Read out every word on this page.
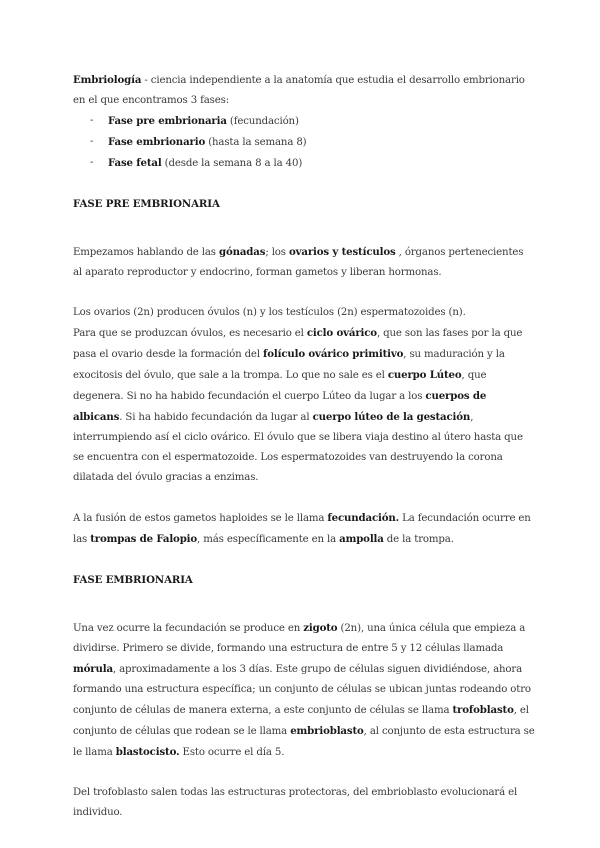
Embriología - ciencia independiente a la anatomía que estudia el desarrollo embrionario en el que encontramos 3 fases:

- Fase pre embrionaria (fecundación)
- Fase embrionario (hasta la semana 8)
- Fase fetal (desde la semana 8 a la 40)

FASE PRE EMBRIONARIA

Empezamos hablando de las gónadas; los ovarios y testículos , órganos pertenecientes al aparato reproductor y endocrino, forman gametos y liberan hormonas.

Los ovarios (2n) producen óvulos (n) y los testículos (2n) espermatozoides (n).

Para que se produzcan óvulos, es necesario el ciclo ovárico, que son las fases por la que pasa el ovario desde la formación del folículo ovárico primitivo, su maduración y la exocitosis del óvulo, que sale a la trompa. Lo que no sale es el cuerpo Lúteo, que degenera. Si no ha habido fecundación el cuerpo Lúteo da lugar a los cuerpos de albicans. Si ha habido fecundación da lugar al cuerpo lúteo de la gestación, interrumpiendo así el ciclo ovárico. El óvulo que se libera viaja destino al útero hasta que se encuentra con el espermatozoide. Los espermatozoides van destruyendo la corona dilatada del óvulo gracias a enzimas.

A la fusión de estos gametos haploides se le llama fecundación. La fecundación ocurre en las trompas de Falopio, más específicamente en la ampolla de la trompa.

FASE EMBRIONARIA

Una vez ocurre la fecundación se produce en zigoto (2n), una única célula que empieza a dividirse. Primero se divide, formando una estructura de entre 5 y 12 células llamada mórula, aproximadamente a los 3 días. Este grupo de células siguen dividiéndose, ahora formando una estructura específica; un conjunto de células se ubican juntas rodeando otro conjunto de células de manera externa, a este conjunto de células se llama trofoblasto, el conjunto de células que rodean se le llama embrioblasto, al conjunto de esta estructura se le llama blastocisto. Esto ocurre el día 5.

Del trofoblasto salen todas las estructuras protectoras, del embrioblasto evolucionará el individuo.
